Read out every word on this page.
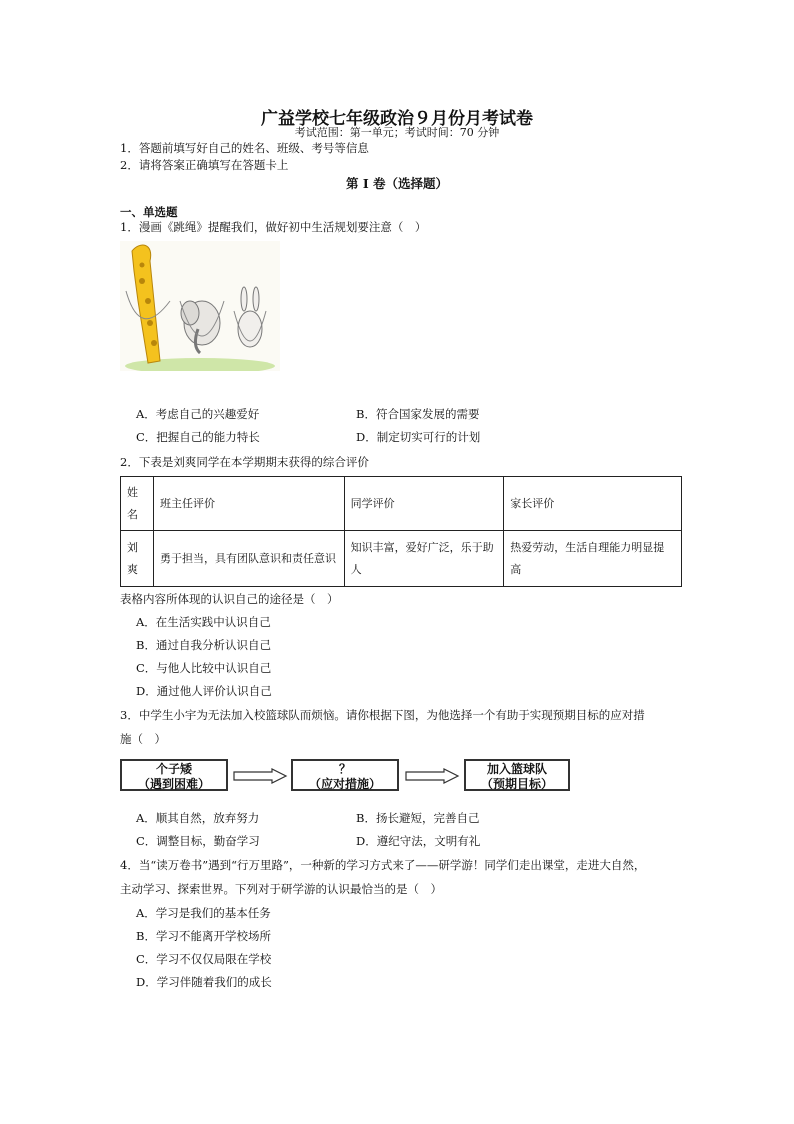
广益学校七年级政治９月份月考试卷
考试范围：第一单元；考试时间：70 分钟
1．答题前填写好自己的姓名、班级、考号等信息
2．请将答案正确填写在答题卡上
第 I 卷（选择题）
一、单选题
1．漫画《跳绳》提醒我们，做好初中生活规划要注意（　）
A．考虑自己的兴趣爱好	B．符合国家发展的需要
C．把握自己的能力特长	D．制定切实可行的计划
2．下表是刘爽同学在本学期期末获得的综合评价
姓名	班主任评价	同学评价	家长评价
刘爽	勇于担当，具有团队意识和责任意识	知识丰富，爱好广泛，乐于助人	热爱劳动，生活自理能力明显提高
表格内容所体现的认识自己的途径是（　）
A．在生活实践中认识自己
B．通过自我分析认识自己
C．与他人比较中认识自己
D．通过他人评价认识自己
3．中学生小宇为无法加入校篮球队而烦恼。请你根据下图，为他选择一个有助于实现预期目标的应对措
施（　）
个子矮
（遇到困难）
？
（应对措施）
加入篮球队
（预期目标）
A．顺其自然，放弃努力	B．扬长避短，完善自己
C．调整目标，勤奋学习	D．遵纪守法，文明有礼
4．当“读万卷书”遇到“行万里路”，一种新的学习方式来了——研学游！同学们走出课堂，走进大自然，
主动学习、探索世界。下列对于研学游的认识最恰当的是（　）
A．学习是我们的基本任务
B．学习不能离开学校场所
C．学习不仅仅局限在学校
D．学习伴随着我们的成长
